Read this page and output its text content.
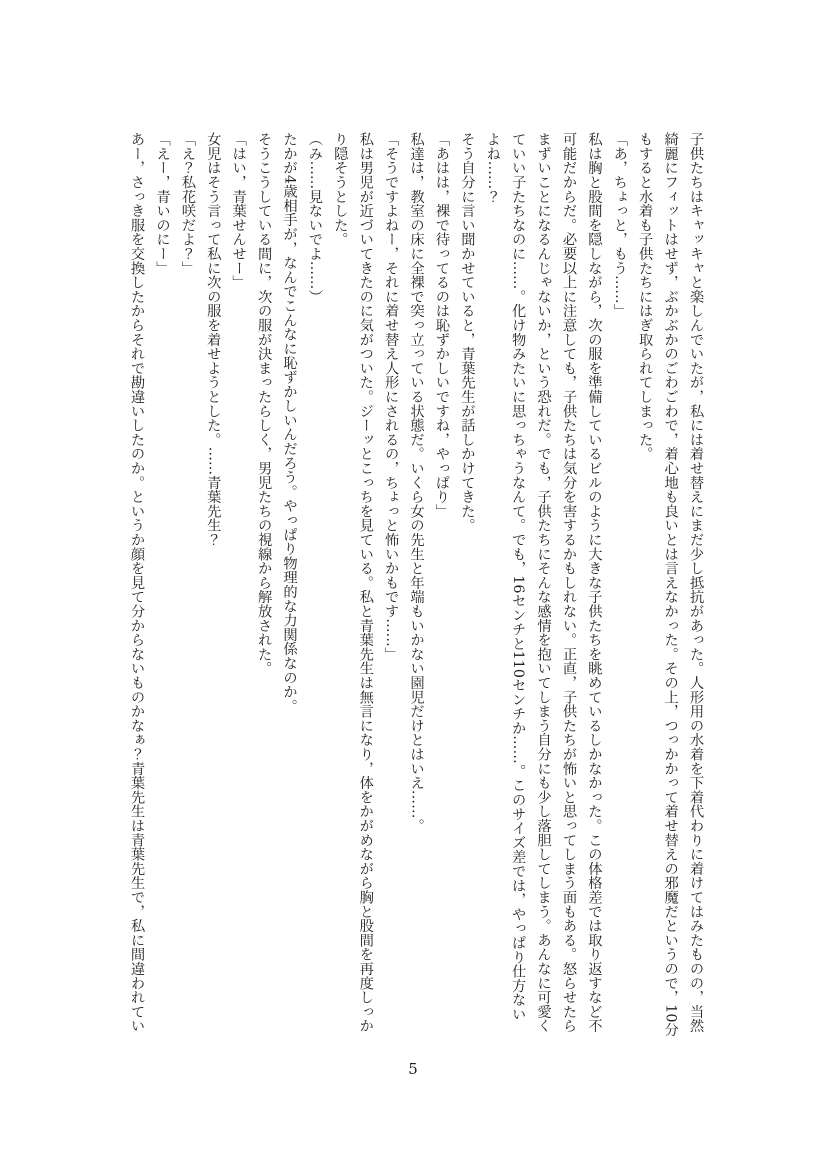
子供たちはキャッキャと楽しんでいたが，私には着せ替えにまだ少し抵抗があった。人形用の水着を下着代わりに着けてはみたものの，当然

綺麗にフィットはせず，ぶかぶかのごわごわで，着心地も良いとは言えなかった。その上，つっかかって着せ替えの邪魔だというので，10分

もすると水着も子供たちにはぎ取られてしまった。

「あ，ちょっと，もう……」

私は胸と股間を隠しながら，次の服を準備しているビルのように大きな子供たちを眺めているしかなかった。この体格差では取り返すなど不

可能だからだ。必要以上に注意しても，子供たちは気分を害するかもしれない。正直，子供たちが怖いと思ってしまう面もある。怒らせたら

まずいことになるんじゃないか，という恐れだ。でも，子供たちにそんな感情を抱いてしまう自分にも少し落胆してしまう。あんなに可愛く

ていい子たちなのに……。化け物みたいに思っちゃうなんて。でも，16センチと110センチか……。このサイズ差では，やっぱり仕方ない

よね……？

そう自分に言い聞かせていると，青葉先生が話しかけてきた。

「あはは，裸で待ってるのは恥ずかしいですね，やっぱり」

私達は，教室の床に全裸で突っ立っている状態だ。いくら女の先生と年端もいかない園児だけとはいえ……。

「そうですよねー，それに着せ替え人形にされるの，ちょっと怖いかもです……」

私は男児が近づいてきたのに気がついた。ジーッとこっちを見ている。私と青葉先生は無言になり，体をかがめながら胸と股間を再度しっか

り隠そうとした。

（み……見ないでよ……）

たかが4歳相手が，なんでこんなに恥ずかしいんだろう。やっぱり物理的な力関係なのか。

そうこうしている間に，次の服が決まったらしく，男児たちの視線から解放された。

「はい，青葉せんせー」

女児はそう言って私に次の服を着せようとした。……青葉先生？

「え？私花咲だよ？」

「えー，青いのにー」

あー，さっき服を交換したからそれで勘違いしたのか。というか顔を見て分からないものかなぁ？青葉先生は青葉先生で，私に間違われてい

5
